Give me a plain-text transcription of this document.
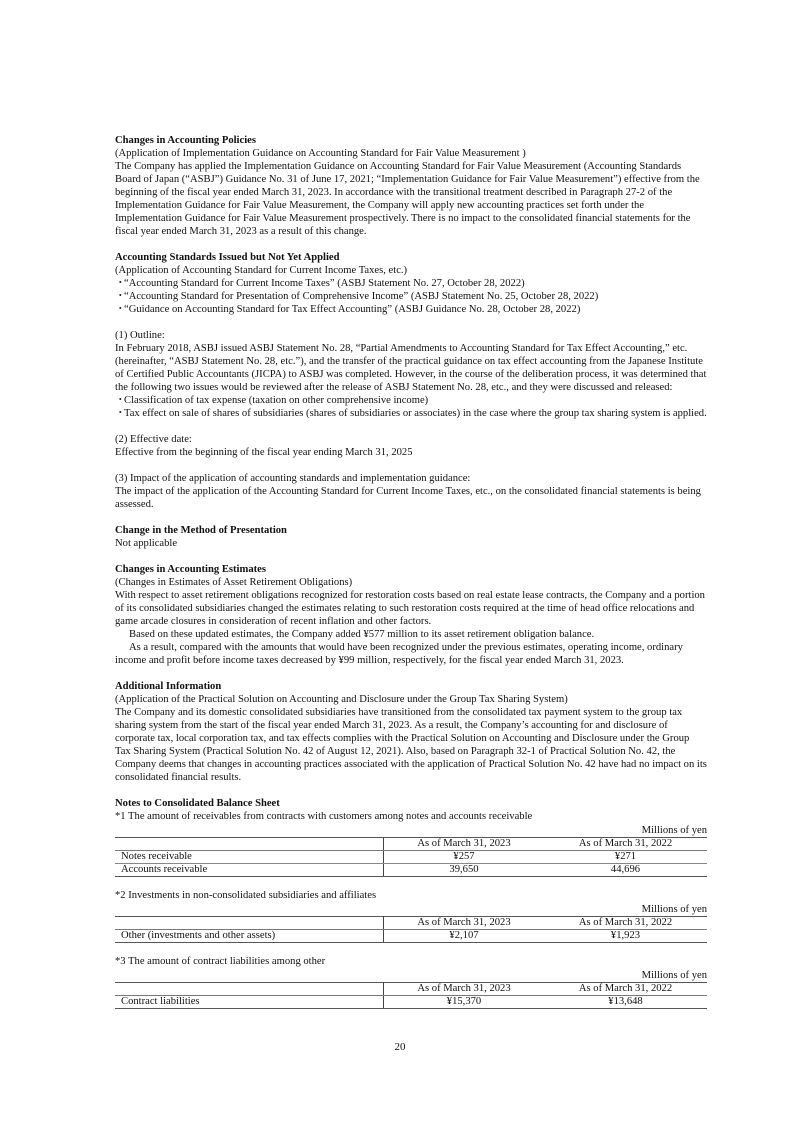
Changes in Accounting Policies
(Application of Implementation Guidance on Accounting Standard for Fair Value Measurement )

The Company has applied the Implementation Guidance on Accounting Standard for Fair Value Measurement (Accounting Standards Board of Japan (“ASBJ”) Guidance No. 31 of June 17, 2021; “Implementation Guidance for Fair Value Measurement”) effective from the beginning of the fiscal year ended March 31, 2023. In accordance with the transitional treatment described in Paragraph 27-2 of the Implementation Guidance for Fair Value Measurement, the Company will apply new accounting practices set forth under the Implementation Guidance for Fair Value Measurement prospectively. There is no impact to the consolidated financial statements for the fiscal year ended March 31, 2023 as a result of this change.

Accounting Standards Issued but Not Yet Applied
(Application of Accounting Standard for Current Income Taxes, etc.)
・“Accounting Standard for Current Income Taxes” (ASBJ Statement No. 27, October 28, 2022)
・“Accounting Standard for Presentation of Comprehensive Income” (ASBJ Statement No. 25, October 28, 2022)
・“Guidance on Accounting Standard for Tax Effect Accounting” (ASBJ Guidance No. 28, October 28, 2022)
(1) Outline:

In February 2018, ASBJ issued ASBJ Statement No. 28, “Partial Amendments to Accounting Standard for Tax Effect Accounting,” etc. (hereinafter, “ASBJ Statement No. 28, etc.”), and the transfer of the practical guidance on tax effect accounting from the Japanese Institute of Certified Public Accountants (JICPA) to ASBJ was completed. However, in the course of the deliberation process, it was determined that the following two issues would be reviewed after the release of ASBJ Statement No. 28, etc., and they were discussed and released:

・Classification of tax expense (taxation on other comprehensive income)
・Tax effect on sale of shares of subsidiaries (shares of subsidiaries or associates) in the case where the group tax sharing system is applied.
(2) Effective date:

Effective from the beginning of the fiscal year ending March 31, 2025

(3) Impact of the application of accounting standards and implementation guidance:

The impact of the application of the Accounting Standard for Current Income Taxes, etc., on the consolidated financial statements is being assessed.

Change in the Method of Presentation

Not applicable

Changes in Accounting Estimates
(Changes in Estimates of Asset Retirement Obligations)

With respect to asset retirement obligations recognized for restoration costs based on real estate lease contracts, the Company and a portion of its consolidated subsidiaries changed the estimates relating to such restoration costs required at the time of head office relocations and game arcade closures in consideration of recent inflation and other factors.

Based on these updated estimates, the Company added ¥577 million to its asset retirement obligation balance.

As a result, compared with the amounts that would have been recognized under the previous estimates, operating income, ordinary income and profit before income taxes decreased by ¥99 million, respectively, for the fiscal year ended March 31, 2023.

Additional Information
(Application of the Practical Solution on Accounting and Disclosure under the Group Tax Sharing System)

The Company and its domestic consolidated subsidiaries have transitioned from the consolidated tax payment system to the group tax sharing system from the start of the fiscal year ended March 31, 2023. As a result, the Company’s accounting for and disclosure of corporate tax, local corporation tax, and tax effects complies with the Practical Solution on Accounting and Disclosure under the Group Tax Sharing System (Practical Solution No. 42 of August 12, 2021). Also, based on Paragraph 32-1 of Practical Solution No. 42, the Company deems that changes in accounting practices associated with the application of Practical Solution No. 42 have had no impact on its consolidated financial results.

Notes to Consolidated Balance Sheet
*1 The amount of receivables from contracts with customers among notes and accounts receivable
Millions of yen
	As of March 31, 2023	As of March 31, 2022
Notes receivable	¥257	¥271
Accounts receivable	39,650	44,696
*2 Investments in non-consolidated subsidiaries and affiliates
Millions of yen
	As of March 31, 2023	As of March 31, 2022
Other (investments and other assets)	¥2,107	¥1,923
*3 The amount of contract liabilities among other
Millions of yen
	As of March 31, 2023	As of March 31, 2022
Contract liabilities	¥15,370	¥13,648
20
